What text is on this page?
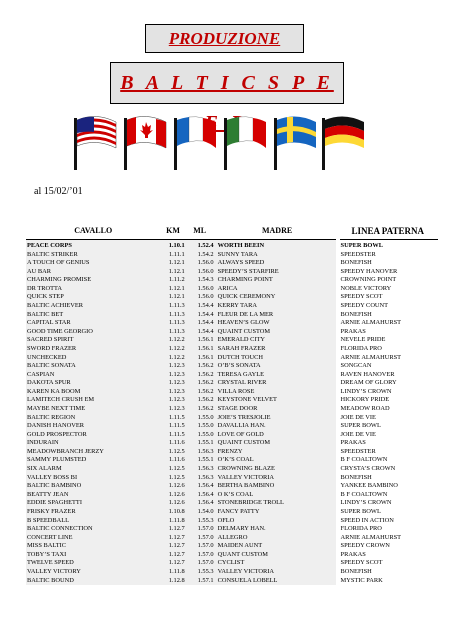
PRODUZIONE
B A L T I C S P E
al 15/02/’01
CAVALLO	KM	ML	MADRE	LINEA PATERNA
PEACE CORPS	1.10.1	1.52.4	WORTH BEEIN	SUPER BOWL
BALTIC STRIKER	1.11.1	1.54.2	SUNNY TARA	SPEEDSTER
A TOUCH OF GENIUS	1.12.1	1.56.0	ALWAYS SPEED	BONEFISH
AU BAR	1.12.1	1.56.0	SPEEDY’S STARFIRE	SPEEDY HANOVER
CHARMING PROMISE	1.11.2	1.54.3	CHARMING POINT	CROWNING POINT
DR TROTTA	1.12.1	1.56.0	ARICA	NOBLE VICTORY
QUICK STEP	1.12.1	1.56.0	QUICK CEREMONY	SPEEDY SCOT
BALTIC ACHIEVER	1.11.3	1.54.4	KERRY TARA	SPEEDY COUNT
BALTIC BET	1.11.3	1.54.4	FLEUR DE LA MER	BONEFISH
CAPITAL STAR	1.11.3	1.54.4	HEAVEN’S GLOW	ARNIE ALMAHURST
GOOD TIME GEORGIO	1.11.3	1.54.4	QUAINT CUSTOM	PRAKAS
SACRED SPIRIT	1.12.2	1.56.1	EMERALD CITY	NEVELE PRIDE
SWORD FRAZER	1.12.2	1.56.1	SARAH FRAZER	FLORIDA PRO
UNCHECKED	1.12.2	1.56.1	DUTCH TOUCH	ARNIE ALMAHURST
BALTIC SONATA	1.12.3	1.56.2	O’B’S SONATA	SONGCAN
CASPIAN	1.12.3	1.56.2	TERESA GAYLE	RAVEN HANOVER
DAKOTA SPUR	1.12.3	1.56.2	CRYSTAL RIVER	DREAM OF GLORY
KAREN KA BOOM	1.12.3	1.56.2	VILLA ROSE	LINDY’S CROWN
LAMITECH CRUSH EM	1.12.3	1.56.2	KEYSTONE VELVET	HICKORY PRIDE
MAYBE NEXT TIME	1.12.3	1.56.2	STAGE DOOR	MEADOW ROAD
BALTIC REGION	1.11.5	1.55.0	JOIE’S TRESJOLIE	JOIE DE VIE
DANISH HANOVER	1.11.5	1.55.0	DAVALLIA HAN.	SUPER BOWL
GOLD PROSPECTOR	1.11.5	1.55.0	LOVE OF GOLD	JOIE DE VIE
INDURAIN	1.11.6	1.55.1	QUAINT CUSTOM	PRAKAS
MEADOWBRANCH JERZY	1.12.5	1.56.3	FRENZY	SPEEDSTER
SAMMY PLUMSTED	1.11.6	1.55.1	O’K’S COAL	B F COALTOWN
SIX ALARM	1.12.5	1.56.3	CROWNING BLAZE	CRYSTA’S CROWN
VALLEY BOSS BI	1.12.5	1.56.3	VALLEY VICTORIA	BONEFISH
BALTIC BAMBINO	1.12.6	1.56.4	BERTHA BAMBINO	YANKEE BAMBINO
BEATTY JEAN	1.12.6	1.56.4	O K’S COAL	B F COALTOWN
EDDIE SPAGHETTI	1.12.6	1.56.4	STONEBRIDGE TROLL	LINDY’S CROWN
FRISKY FRAZER	1.10.8	1.54.0	FANCY PATTY	SUPER BOWL
B SPEEDBALL	1.11.8	1.55.3	OFLO	SPEED IN ACTION
BALTIC CONNECTION	1.12.7	1.57.0	DELMARY HAN.	FLORIDA PRO
CONCERT LINE	1.12.7	1.57.0	ALLEGRO	ARNIE ALMAHURST
MISS BALTIC	1.12.7	1.57.0	MAIDEN AUNT	SPEEDY CROWN
TOBY’S TAXI	1.12.7	1.57.0	QUANT CUSTOM	PRAKAS
TWELVE SPEED	1.12.7	1.57.0	CYCLIST	SPEEDY SCOT
VALLEY VICTORY	1.11.8	1.55.3	VALLEY VICTORIA	BONEFISH
BALTIC BOUND	1.12.8	1.57.1	CONSUELA LOBELL	MYSTIC PARK
